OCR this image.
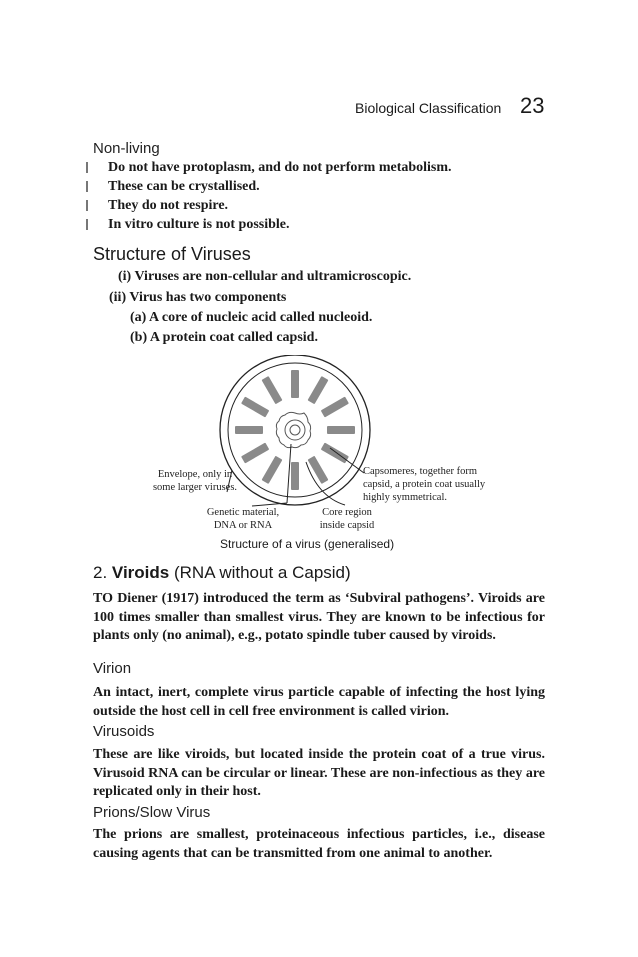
Biological Classification 23
Non-living
Do not have protoplasm, and do not perform metabolism.
These can be crystallised.
They do not respire.
In vitro culture is not possible.
Structure of Viruses
(i) Viruses are non-cellular and ultramicroscopic.
(ii) Virus has two components
(a) A core of nucleic acid called nucleoid.
(b) A protein coat called capsid.
Envelope, only in some larger viruses.
Capsomeres, together form capsid, a protein coat usually highly symmetrical.
Genetic material, DNA or RNA
Core region inside capsid
Structure of a virus (generalised)
2. Viroids (RNA without a Capsid)
TO Diener (1917) introduced the term as ‘Subviral pathogens’. Viroids are 100 times smaller than smallest virus. They are known to be infectious for plants only (no animal), e.g., potato spindle tuber caused by viroids.
Virion
An intact, inert, complete virus particle capable of infecting the host lying outside the host cell in cell free environment is called virion.
Virusoids
These are like viroids, but located inside the protein coat of a true virus. Virusoid RNA can be circular or linear. These are non-infectious as they are replicated only in their host.
Prions/Slow Virus
The prions are smallest, proteinaceous infectious particles, i.e., disease causing agents that can be transmitted from one animal to another.
